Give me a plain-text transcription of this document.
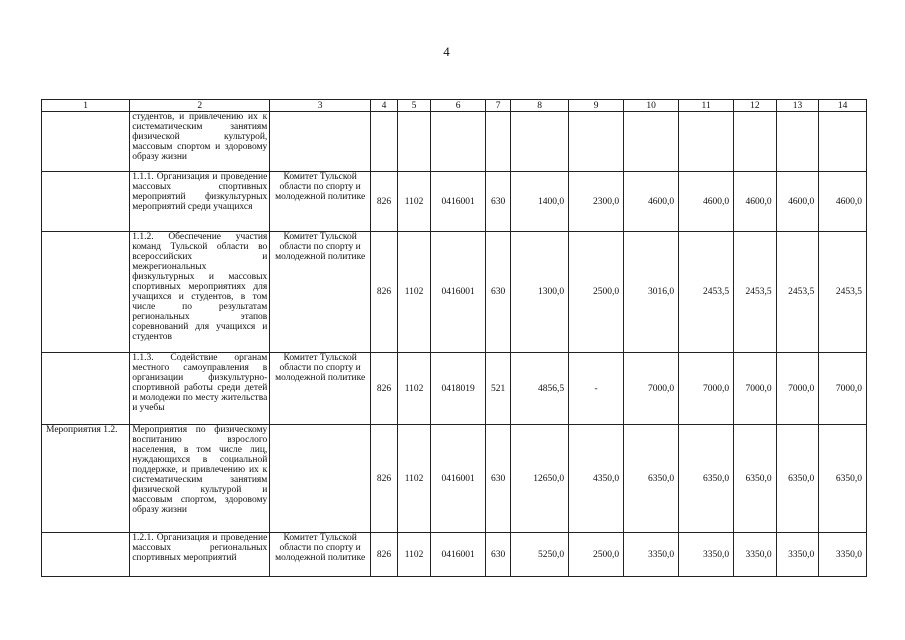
4
1	2	3	4	5	6	7	8	9	10	11	12	13	14
	студентов, и привлечению их к систематическим занятиям физической культурой, массовым спортом и здоровому образу жизни												
	1.1.1. Организация и проведение массовых спортивных мероприятий физкультурных мероприятий среди учащихся	Комитет Тульской области по спорту и молодежной политике	826	1102	0416001	630	1400,0	2300,0	4600,0	4600,0	4600,0	4600,0	4600,0
	1.1.2. Обеспечение участия команд Тульской области во всероссийских и межрегиональных физкультурных и массовых спортивных мероприятиях для учащихся и студентов, в том числе по результатам региональных этапов соревнований для учащихся и студентов	Комитет Тульской области по спорту и молодежной политике	826	1102	0416001	630	1300,0	2500,0	3016,0	2453,5	2453,5	2453,5	2453,5
	1.1.3. Содействие органам местного самоуправления в организации физкультурно-спортивной работы среди детей и молодежи по месту жительства и учебы	Комитет Тульской области по спорту и молодежной политике	826	1102	0418019	521	4856,5	-	7000,0	7000,0	7000,0	7000,0	7000,0
Мероприятия 1.2.	Мероприятия по физическому воспитанию взрослого населения, в том числе лиц, нуждающихся в социальной поддержке, и привлечению их к систематическим занятиям физической культурой и массовым спортом, здоровому образу жизни		826	1102	0416001	630	12650,0	4350,0	6350,0	6350,0	6350,0	6350,0	6350,0
	1.2.1. Организация и проведение массовых региональных спортивных мероприятий	Комитет Тульской области по спорту и молодежной политике	826	1102	0416001	630	5250,0	2500,0	3350,0	3350,0	3350,0	3350,0	3350,0
